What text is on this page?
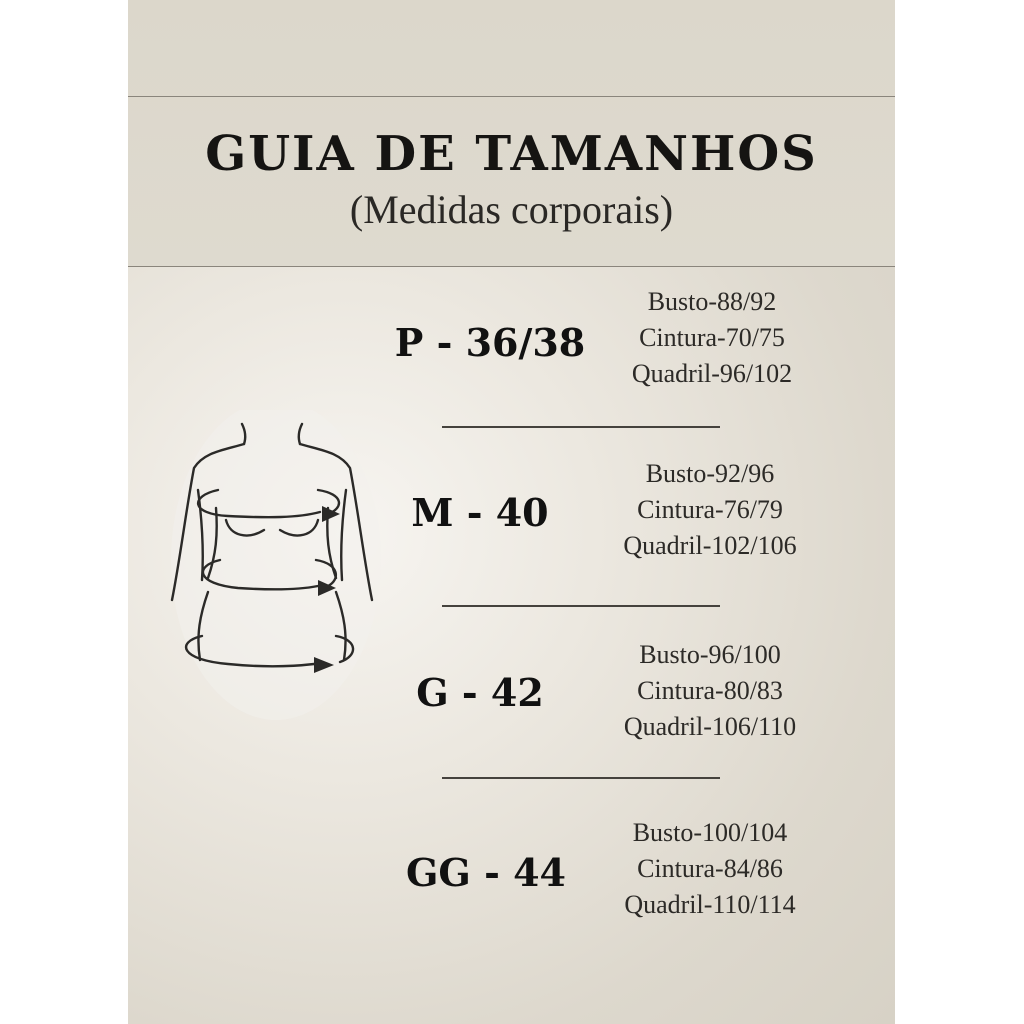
GUIA DE TAMANHOS
(Medidas corporais)
P - 36/38
Busto-88/92
Cintura-70/75
Quadril-96/102
M - 40
Busto-92/96
Cintura-76/79
Quadril-102/106
G - 42
Busto-96/100
Cintura-80/83
Quadril-106/110
GG - 44
Busto-100/104
Cintura-84/86
Quadril-110/114
